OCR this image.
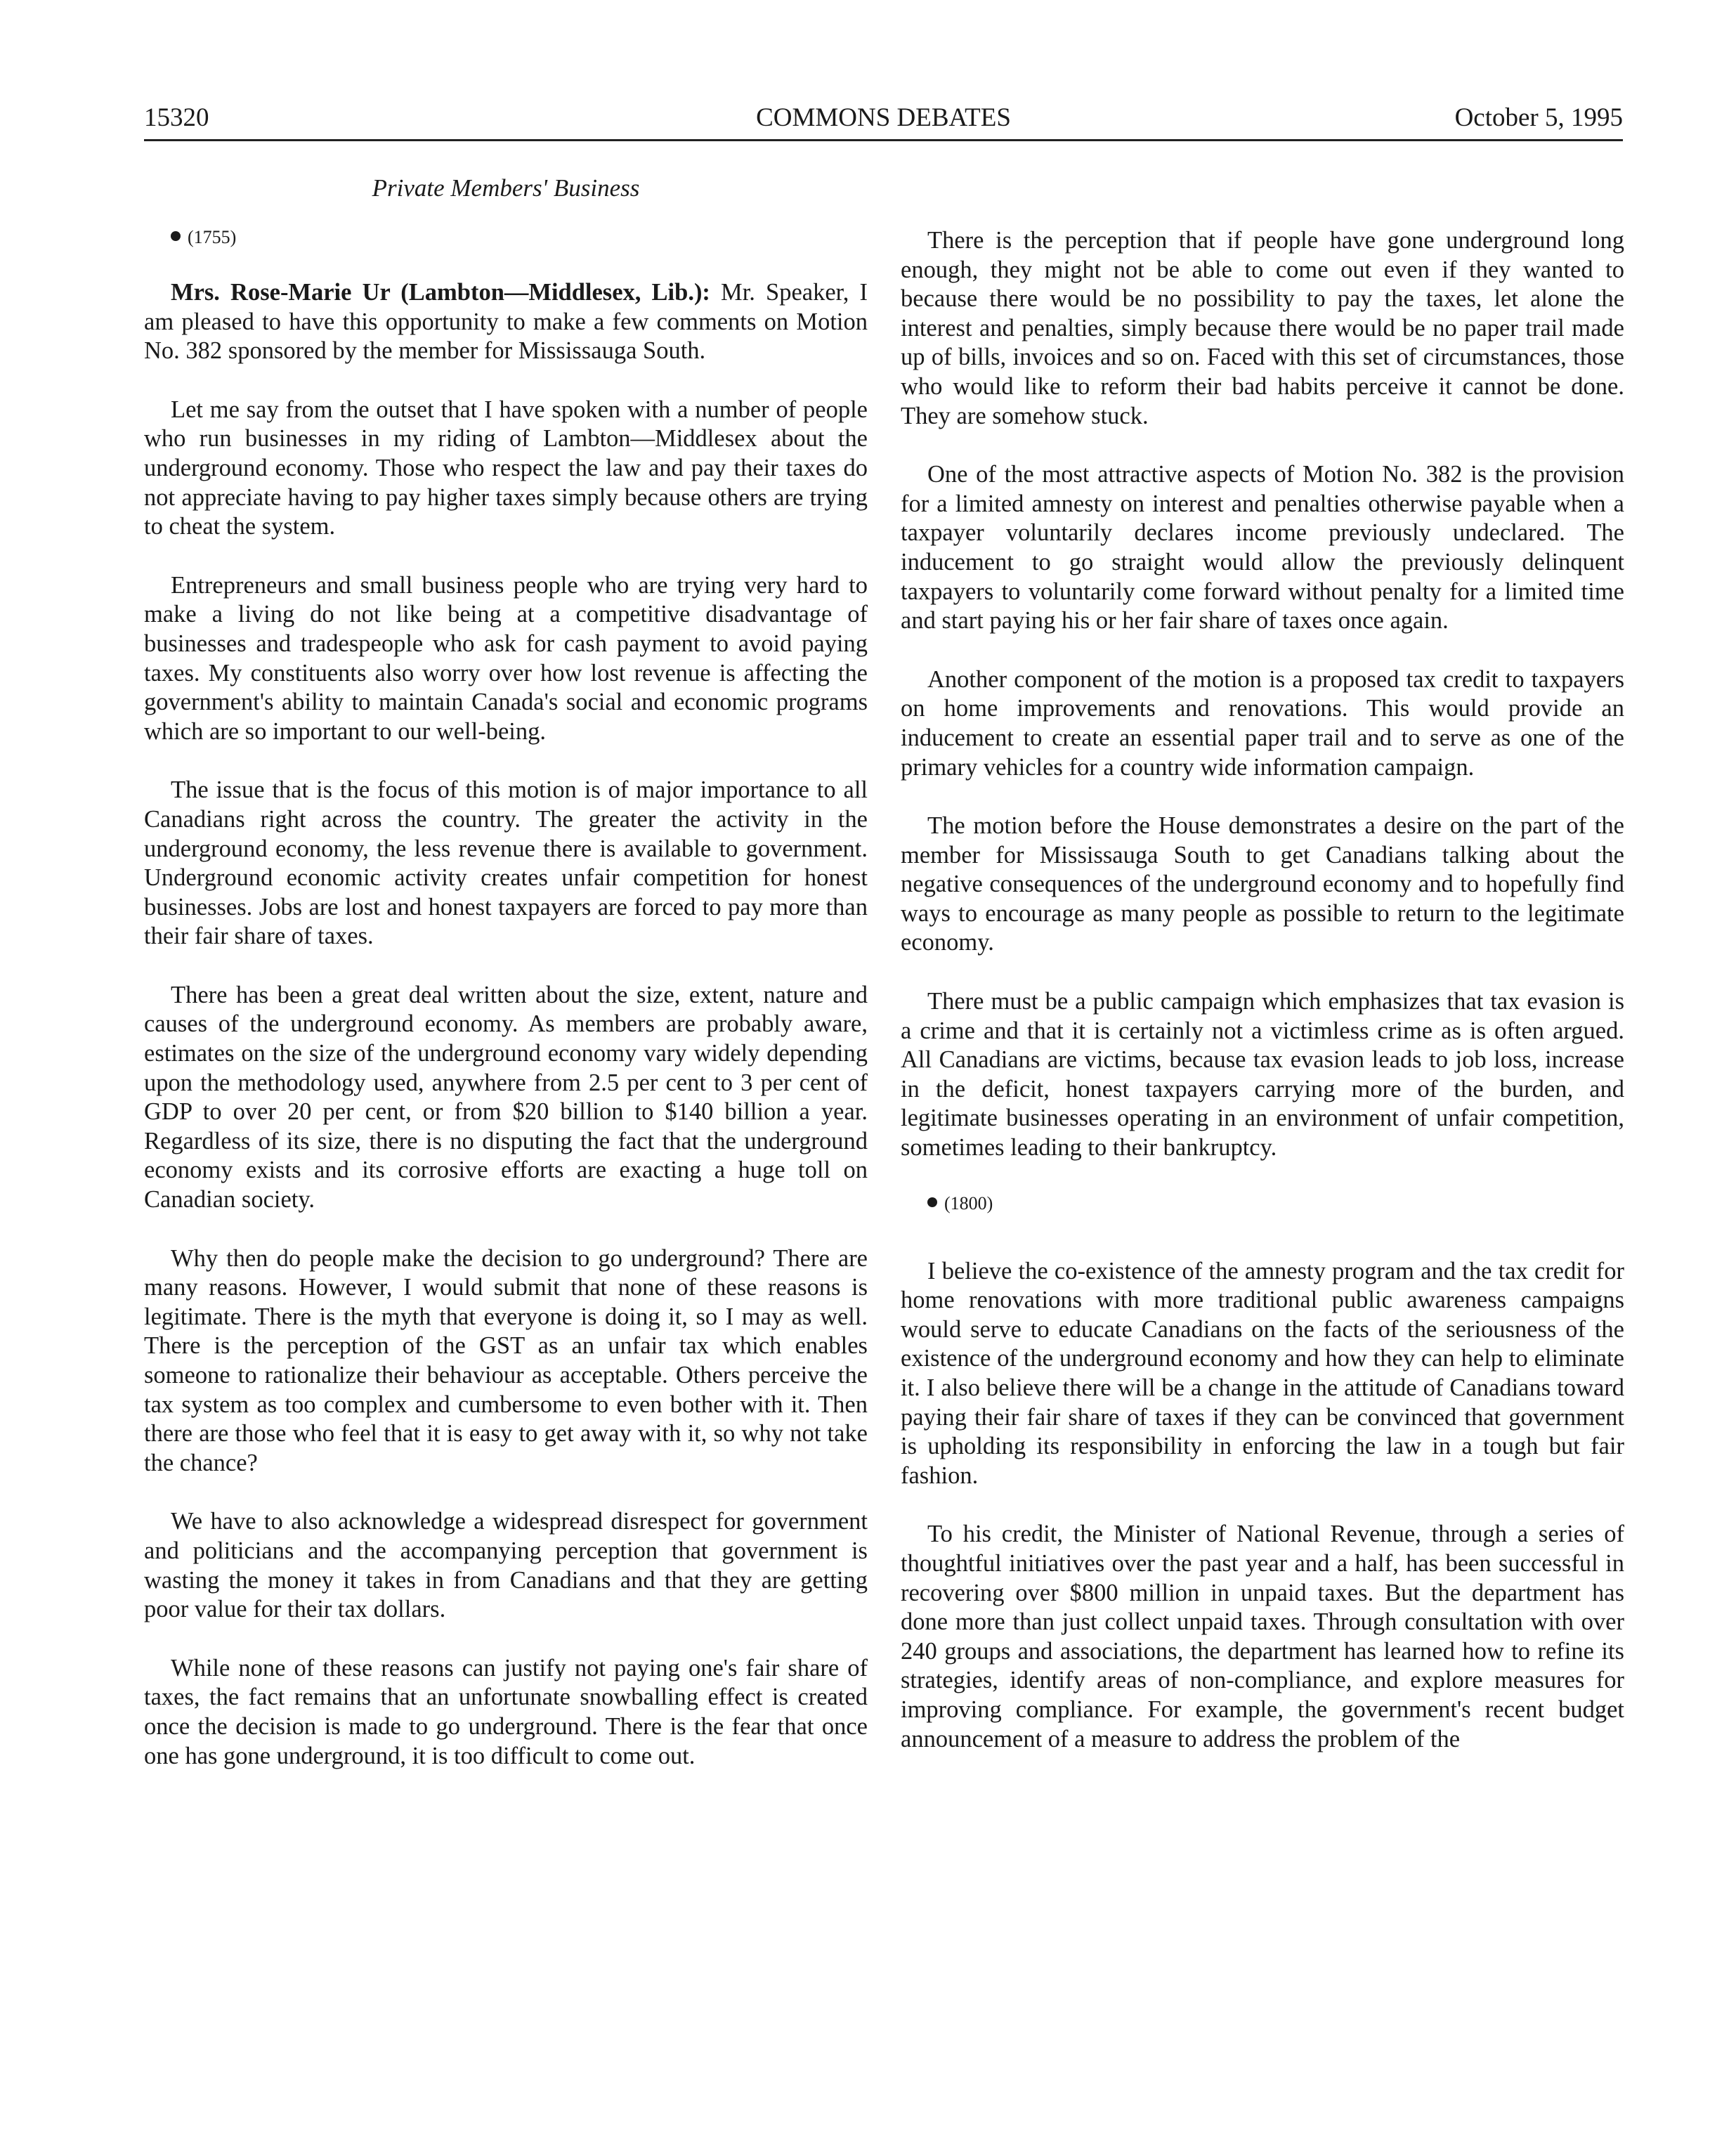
15320	COMMONS DEBATES	October 5, 1995
Private Members' Business

(1755)

Mrs. Rose-Marie Ur (Lambton—Middlesex, Lib.): Mr. Speaker, I am pleased to have this opportunity to make a few comments on Motion No. 382 sponsored by the member for Mississauga South.

Let me say from the outset that I have spoken with a number of people who run businesses in my riding of Lambton—Middlesex about the underground economy. Those who respect the law and pay their taxes do not appreciate having to pay higher taxes simply because others are trying to cheat the system.

Entrepreneurs and small business people who are trying very hard to make a living do not like being at a competitive disadvantage of businesses and tradespeople who ask for cash payment to avoid paying taxes. My constituents also worry over how lost revenue is affecting the government's ability to maintain Canada's social and economic programs which are so important to our well-being.

The issue that is the focus of this motion is of major importance to all Canadians right across the country. The greater the activity in the underground economy, the less revenue there is available to government. Underground economic activity creates unfair competition for honest businesses. Jobs are lost and honest taxpayers are forced to pay more than their fair share of taxes.

There has been a great deal written about the size, extent, nature and causes of the underground economy. As members are probably aware, estimates on the size of the underground economy vary widely depending upon the methodology used, anywhere from 2.5 per cent to 3 per cent of GDP to over 20 per cent, or from $20 billion to $140 billion a year. Regardless of its size, there is no disputing the fact that the underground economy exists and its corrosive efforts are exacting a huge toll on Canadian society.

Why then do people make the decision to go underground? There are many reasons. However, I would submit that none of these reasons is legitimate. There is the myth that everyone is doing it, so I may as well. There is the perception of the GST as an unfair tax which enables someone to rationalize their behaviour as acceptable. Others perceive the tax system as too complex and cumbersome to even bother with it. Then there are those who feel that it is easy to get away with it, so why not take the chance?

We have to also acknowledge a widespread disrespect for government and politicians and the accompanying perception that government is wasting the money it takes in from Canadians and that they are getting poor value for their tax dollars.

While none of these reasons can justify not paying one's fair share of taxes, the fact remains that an unfortunate snowballing effect is created once the decision is made to go underground. There is the fear that once one has gone underground, it is too difficult to come out.

There is the perception that if people have gone underground long enough, they might not be able to come out even if they wanted to because there would be no possibility to pay the taxes, let alone the interest and penalties, simply because there would be no paper trail made up of bills, invoices and so on. Faced with this set of circumstances, those who would like to reform their bad habits perceive it cannot be done. They are somehow stuck.

One of the most attractive aspects of Motion No. 382 is the provision for a limited amnesty on interest and penalties otherwise payable when a taxpayer voluntarily declares income previously undeclared. The inducement to go straight would allow the previously delinquent taxpayers to voluntarily come forward without penalty for a limited time and start paying his or her fair share of taxes once again.

Another component of the motion is a proposed tax credit to taxpayers on home improvements and renovations. This would provide an inducement to create an essential paper trail and to serve as one of the primary vehicles for a country wide information campaign.

The motion before the House demonstrates a desire on the part of the member for Mississauga South to get Canadians talking about the negative consequences of the underground economy and to hopefully find ways to encourage as many people as possible to return to the legitimate economy.

There must be a public campaign which emphasizes that tax evasion is a crime and that it is certainly not a victimless crime as is often argued. All Canadians are victims, because tax evasion leads to job loss, increase in the deficit, honest taxpayers carrying more of the burden, and legitimate businesses operating in an environment of unfair competition, sometimes leading to their bankruptcy.

(1800)

I believe the co-existence of the amnesty program and the tax credit for home renovations with more traditional public awareness campaigns would serve to educate Canadians on the facts of the seriousness of the existence of the underground economy and how they can help to eliminate it. I also believe there will be a change in the attitude of Canadians toward paying their fair share of taxes if they can be convinced that government is upholding its responsibility in enforcing the law in a tough but fair fashion.

To his credit, the Minister of National Revenue, through a series of thoughtful initiatives over the past year and a half, has been successful in recovering over $800 million in unpaid taxes. But the department has done more than just collect unpaid taxes. Through consultation with over 240 groups and associations, the department has learned how to refine its strategies, identify areas of non-compliance, and explore measures for improving compliance. For example, the government's recent budget announcement of a measure to address the problem of the
